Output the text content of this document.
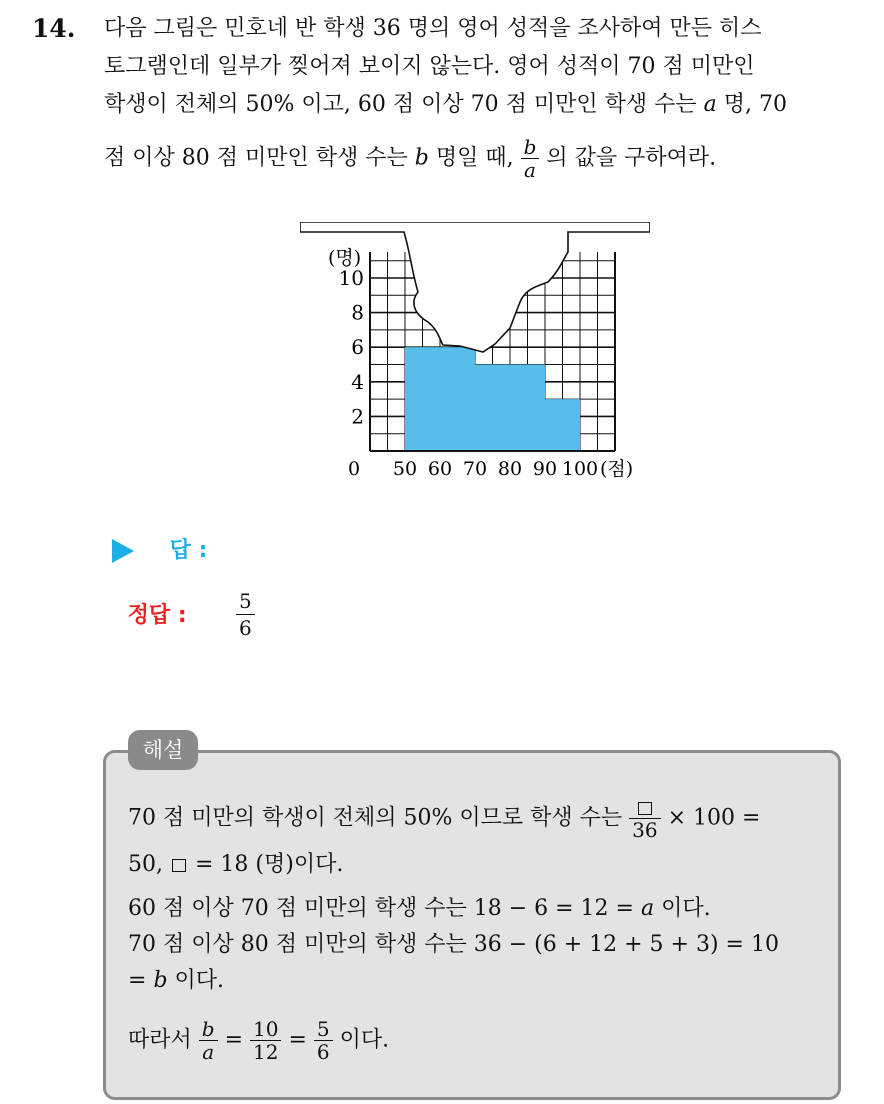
14. 다음 그림은 민호네 반 학생 36 명의 영어 성적을 조사하여 만든 히스
토그램인데 일부가 찢어져 보이지 않는다. 영어 성적이 70 점 미만인
학생이 전체의 50% 이고, 60 점 이상 70 점 미만인 학생 수는 a 명, 70
점 이상 80 점 미만인 학생 수는 b 명일 때, $\frac{b}{a}$ 의 값을 구하여라.
10
8
6
4
2
(명)
0 50 60 70 80 90 100 (점)
답 :
정답 : $\frac{5}{6}$
해설
70 점 미만의 학생이 전체의 50% 이므로 학생 수는 36 × 100 =
50, = 18 (명)이다.
60 점 이상 70 점 미만의 학생 수는 18 − 6 = 12 = a 이다.
70 점 이상 80 점 미만의 학생 수는 36 − (6 + 12 + 5 + 3) = 10
= b 이다.
따라서 $\frac{b}{a} = \frac{10}{12} = \frac{5}{6}$ 이다.
